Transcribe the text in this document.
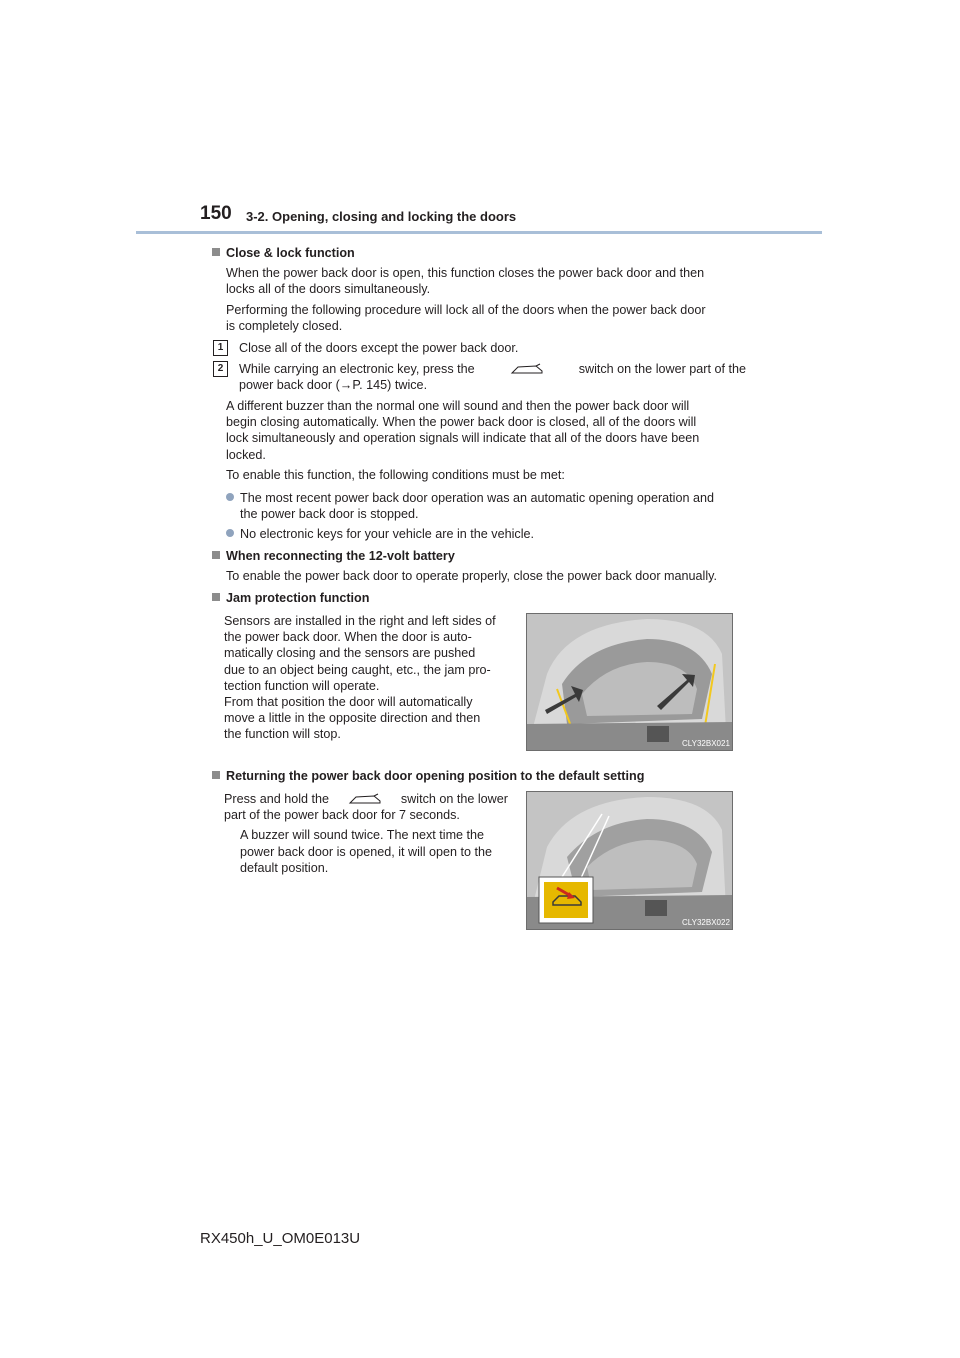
150 3-2. Opening, closing and locking the doors
Close & lock function
When the power back door is open, this function closes the power back door and then
locks all of the doors simultaneously.
Performing the following procedure will lock all of the doors when the power back door
is completely closed.
1	Close all of the doors except the power back door.
2	While carrying an electronic key, press the	switch on the lower part of the
power back door (→P. 145) twice.
A different buzzer than the normal one will sound and then the power back door will
begin closing automatically. When the power back door is closed, all of the doors will
lock simultaneously and operation signals will indicate that all of the doors have been
locked.
To enable this function, the following conditions must be met:
The most recent power back door operation was an automatic opening operation and
the power back door is stopped.
No electronic keys for your vehicle are in the vehicle.
When reconnecting the 12-volt battery
To enable the power back door to operate properly, close the power back door manually.
Jam protection function
Sensors are installed in the right and left sides of
the power back door. When the door is auto-
matically closing and the sensors are pushed
due to an object being caught, etc., the jam pro-
tection function will operate.
From that position the door will automatically
move a little in the opposite direction and then
the function will stop.
CLY32BX021
Returning the power back door opening position to the default setting
Press and hold the	switch on the lower
part of the power back door for 7 seconds.
A buzzer will sound twice. The next time the
power back door is opened, it will open to the
default position.
CLY32BX022
RX450h_U_OM0E013U
